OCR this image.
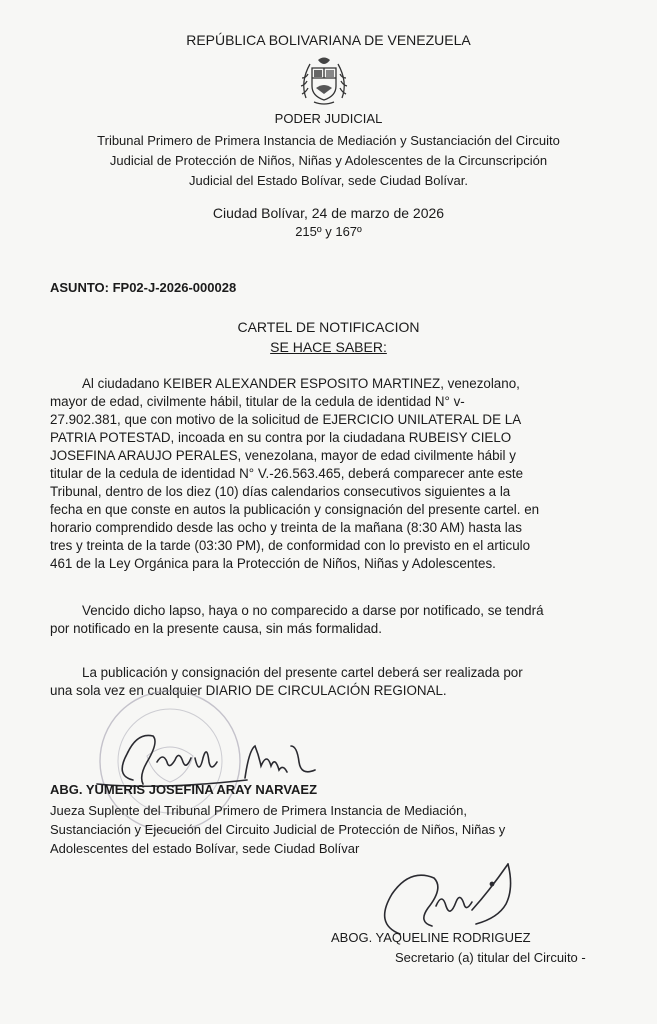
REPÚBLICA BOLIVARIANA DE VENEZUELA
PODER JUDICIAL
Tribunal Primero de Primera Instancia de Mediación y Sustanciación del Circuito
Judicial de Protección de Niños, Niñas y Adolescentes de la Circunscripción
Judicial del Estado Bolívar, sede Ciudad Bolívar.
Ciudad Bolívar, 24 de marzo de 2026
215º y 167º
ASUNTO: FP02-J-2026-000028
CARTEL DE NOTIFICACION
SE HACE SABER:
Al ciudadano KEIBER ALEXANDER ESPOSITO MARTINEZ, venezolano,
mayor de edad, civilmente hábil, titular de la cedula de identidad N° v-
27.902.381, que con motivo de la solicitud de EJERCICIO UNILATERAL DE LA
PATRIA POTESTAD, incoada en su contra por la ciudadana RUBEISY CIELO
JOSEFINA ARAUJO PERALES, venezolana, mayor de edad civilmente hábil y
titular de la cedula de identidad N° V.-26.563.465, deberá comparecer ante este
Tribunal, dentro de los diez (10) días calendarios consecutivos siguientes a la
fecha en que conste en autos la publicación y consignación del presente cartel. en
horario comprendido desde las ocho y treinta de la mañana (8:30 AM) hasta las
tres y treinta de la tarde (03:30 PM), de conformidad con lo previsto en el articulo
461 de la Ley Orgánica para la Protección de Niños, Niñas y Adolescentes.
Vencido dicho lapso, haya o no comparecido a darse por notificado, se tendrá
por notificado en la presente causa, sin más formalidad.
La publicación y consignación del presente cartel deberá ser realizada por
una sola vez en cualquier DIARIO DE CIRCULACIÓN REGIONAL.
ABG. YUMERIS JOSEFINA ARAY NARVAEZ
Jueza Suplente del Tribunal Primero de Primera Instancia de Mediación,
Sustanciación y Ejecución del Circuito Judicial de Protección de Niños, Niñas y
Adolescentes del estado Bolívar, sede Ciudad Bolívar
ABOG. YAQUELINE RODRIGUEZ
Secretario (a) titular del Circuito -
